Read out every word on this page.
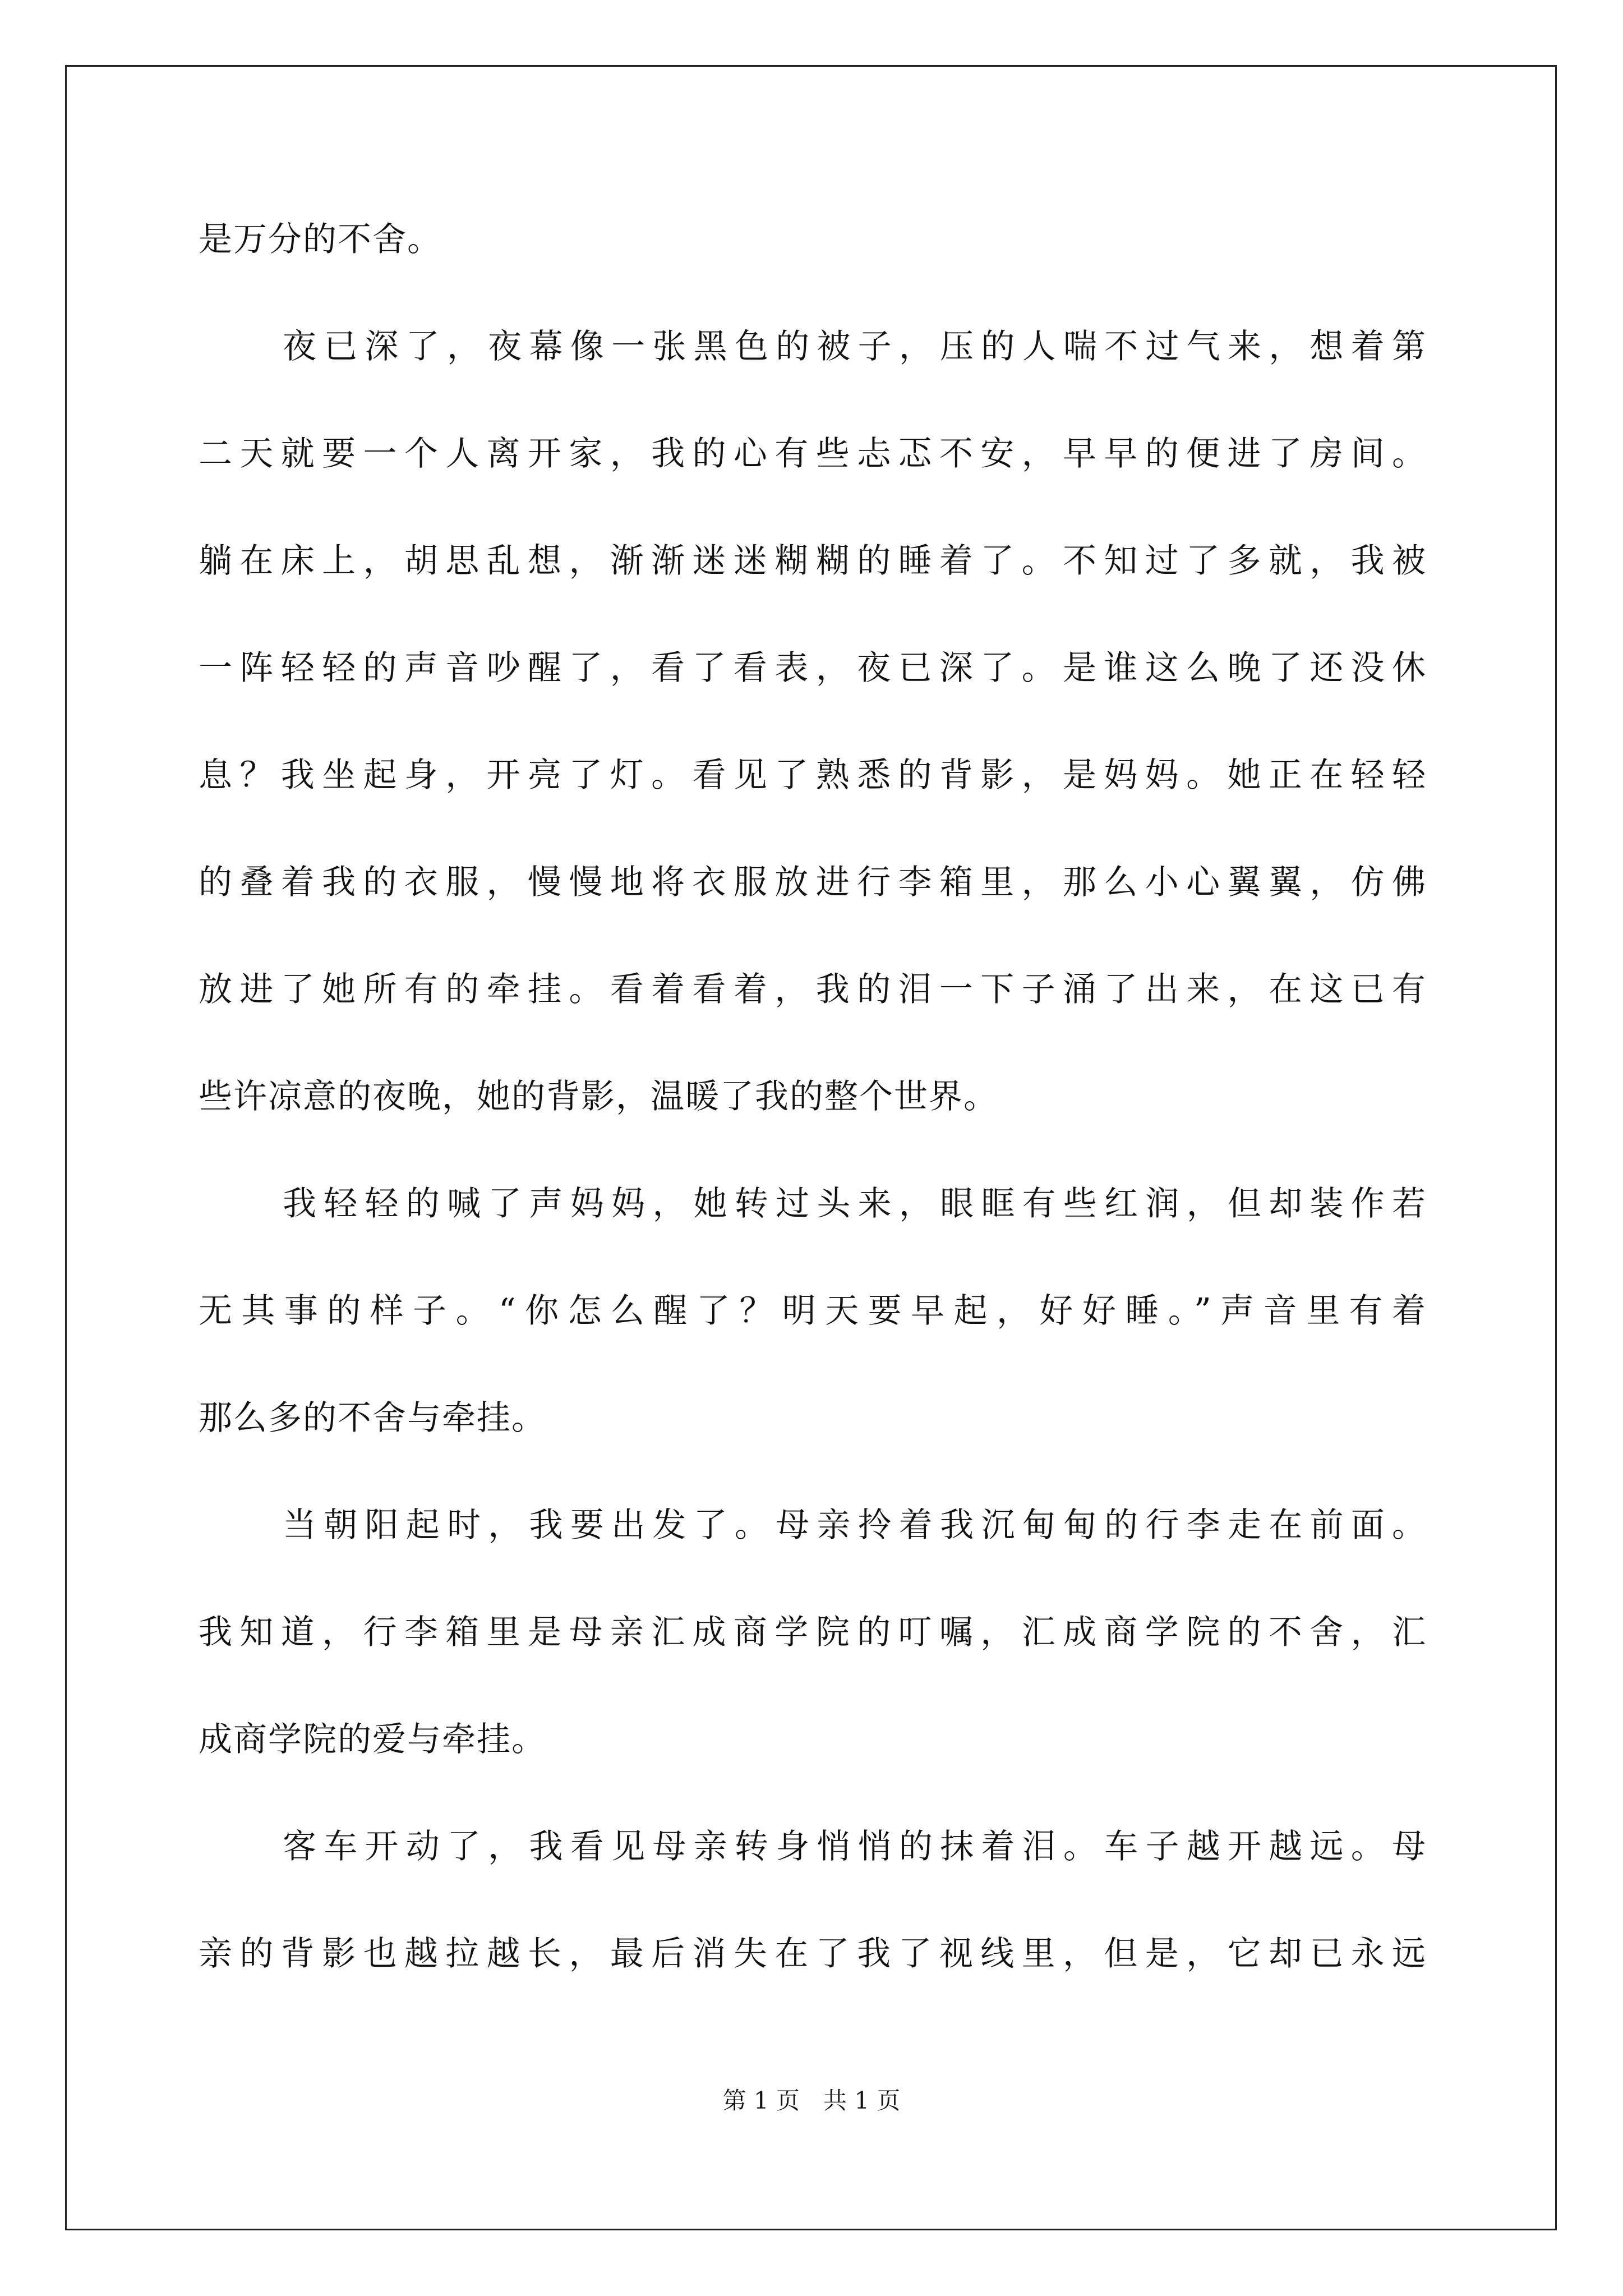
是万分的不舍。
夜已深了，夜幕像一张黑色的被子，压的人喘不过气来，想着第
二天就要一个人离开家，我的心有些忐忑不安，早早的便进了房间。
躺在床上，胡思乱想，渐渐迷迷糊糊的睡着了。不知过了多就，我被
一阵轻轻的声音吵醒了，看了看表，夜已深了。是谁这么晚了还没休
息？我坐起身，开亮了灯。看见了熟悉的背影，是妈妈。她正在轻轻
的叠着我的衣服，慢慢地将衣服放进行李箱里，那么小心翼翼，仿佛
放进了她所有的牵挂。看着看着，我的泪一下子涌了出来，在这已有
些许凉意的夜晚，她的背影，温暖了我的整个世界。
我轻轻的喊了声妈妈，她转过头来，眼眶有些红润，但却装作若
无其事的样子。“你怎么醒了？明天要早起，好好睡。”声音里有着
那么多的不舍与牵挂。
当朝阳起时，我要出发了。母亲拎着我沉甸甸的行李走在前面。
我知道，行李箱里是母亲汇成商学院的叮嘱，汇成商学院的不舍，汇
成商学院的爱与牵挂。
客车开动了，我看见母亲转身悄悄的抹着泪。车子越开越远。母
亲的背影也越拉越长，最后消失在了我了视线里，但是，它却已永远
第 1 页　共 1 页
